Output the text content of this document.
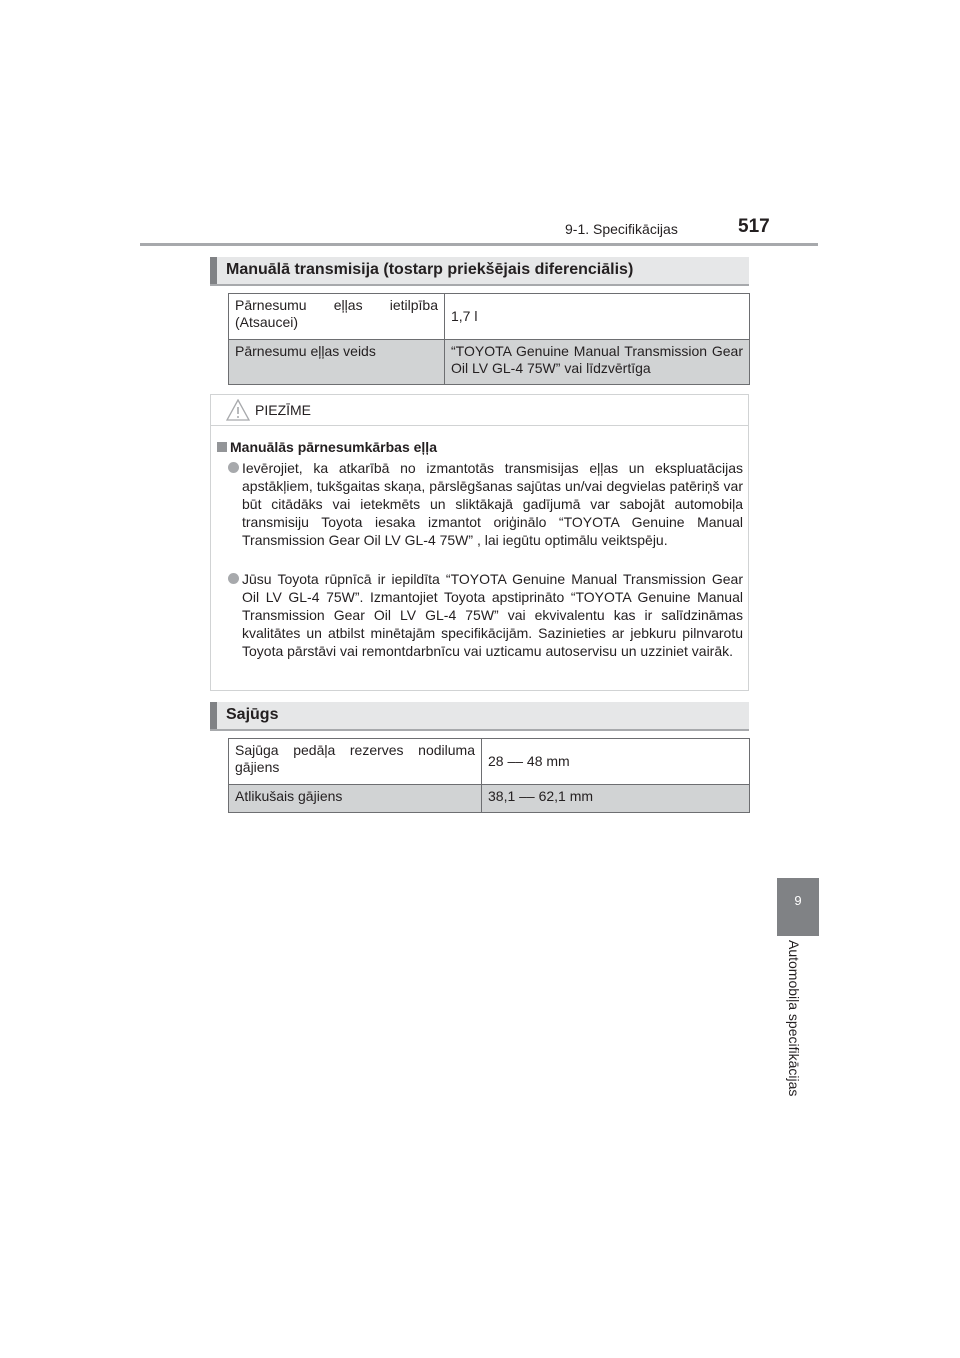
9-1. Specifikācijas	517
Manuālā transmisija (tostarp priekšējais diferenciālis)
Pārnesumu eļļas ietilpība (Atsaucei)	1,7 l
Pārnesumu eļļas veids	“TOYOTA Genuine Manual Transmission Gear Oil LV GL-4 75W” vai līdzvērtīga
PIEZĪME
Manuālās pārnesumkārbas eļļa
Ievērojiet, ka atkarībā no izmantotās transmisijas eļļas un ekspluatācijas apstākļiem, tukšgaitas skaņa, pārslēgšanas sajūtas un/vai degvielas patēriņš var būt citādāks vai ietekmēts un sliktākajā gadījumā var sabojāt automobiļa transmisiju Toyota iesaka izmantot oriģinālo “TOYOTA Genuine Manual Transmission Gear Oil LV GL-4 75W” , lai iegūtu optimālu veiktspēju.
Jūsu Toyota rūpnīcā ir iepildīta “TOYOTA Genuine Manual Transmission Gear Oil LV GL-4 75W”. Izmantojiet Toyota apstiprināto “TOYOTA Genuine Manual Transmission Gear Oil LV GL-4 75W” vai ekvivalentu kas ir salīdzināmas kvalitātes un atbilst minētajām specifikācijām. Sazinieties ar jebkuru pilnvarotu Toyota pārstāvi vai remontdarbnīcu vai uzticamu autoservisu un uzziniet vairāk.
Sajūgs
Sajūga pedāļa rezerves nodiluma gājiens	28 –– 48 mm
Atlikušais gājiens	38,1 –– 62,1 mm
9
Automobiļa specifikācijas
